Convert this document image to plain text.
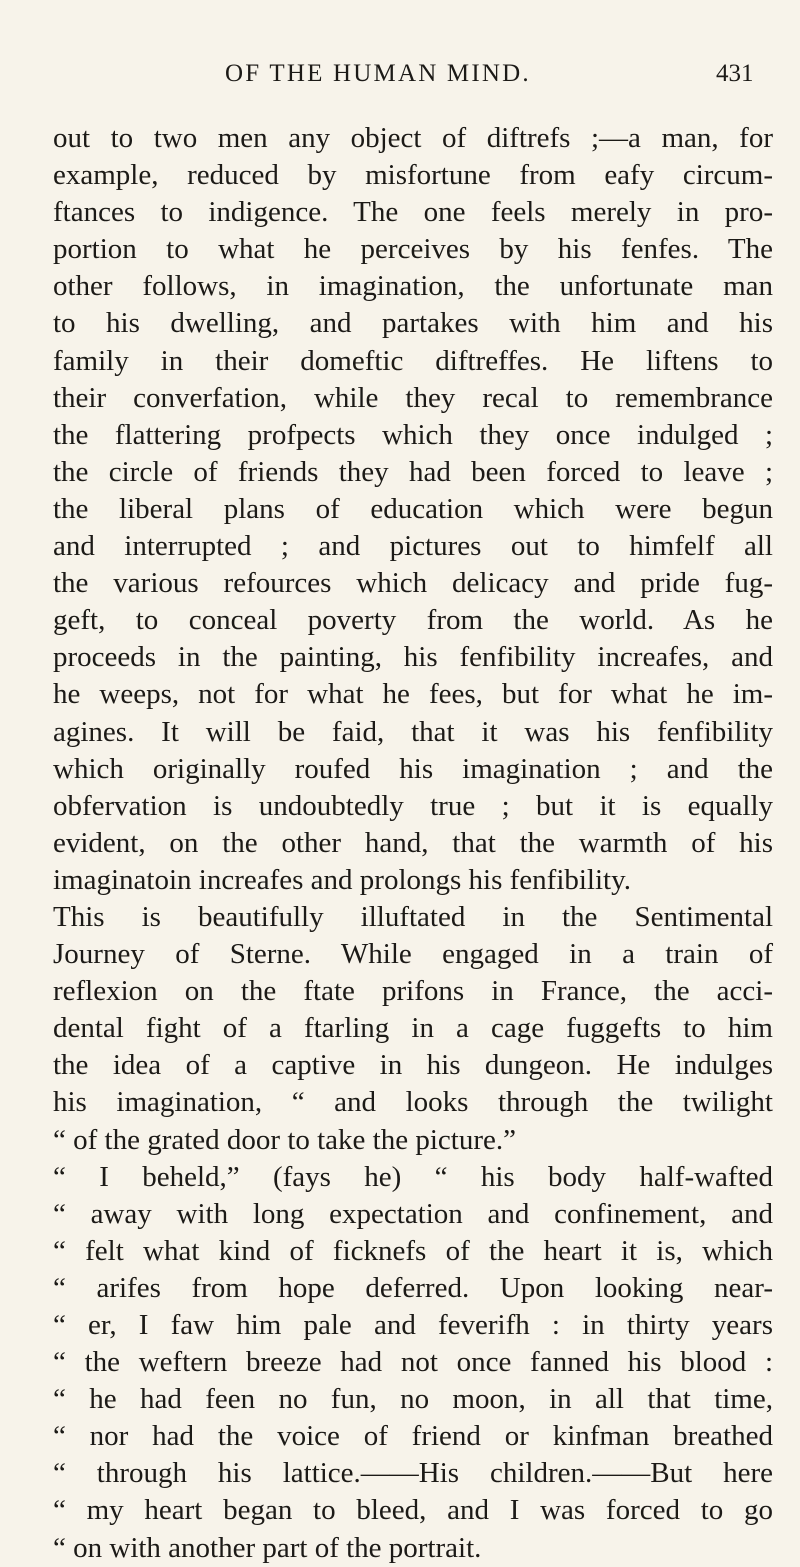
OF THE HUMAN MIND.	431
out to two men any object of diftrefs ;—a man, for
example, reduced by misfortune from eafy circum-
ftances to indigence. The one feels merely in pro-
portion to what he perceives by his fenfes. The
other follows, in imagination, the unfortunate man
to his dwelling, and partakes with him and his
family in their domeftic diftreffes. He liftens to
their converfation, while they recal to remembrance
the flattering profpects which they once indulged ;
the circle of friends they had been forced to leave ;
the liberal plans of education which were begun
and interrupted ; and pictures out to himfelf all
the various refources which delicacy and pride fug-
geft, to conceal poverty from the world. As he
proceeds in the painting, his fenfibility increafes, and
he weeps, not for what he fees, but for what he im-
agines. It will be faid, that it was his fenfibility
which originally roufed his imagination ; and the
obfervation is undoubtedly true ; but it is equally
evident, on the other hand, that the warmth of his
imaginatoin increafes and prolongs his fenfibility.
This is beautifully illuftated in the Sentimental
Journey of Sterne. While engaged in a train of
reflexion on the ftate prifons in France, the acci-
dental fight of a ftarling in a cage fuggefts to him
the idea of a captive in his dungeon. He indulges
his imagination, “ and looks through the twilight
“ of the grated door to take the picture.”
“ I beheld,” (fays he) “ his body half-wafted
“ away with long expectation and confinement, and
“ felt what kind of ficknefs of the heart it is, which
“ arifes from hope deferred. Upon looking near-
“ er, I faw him pale and feverifh : in thirty years
“ the weftern breeze had not once fanned his blood :
“ he had feen no fun, no moon, in all that time,
“ nor had the voice of friend or kinfman breathed
“ through his lattice.——His children.——But here
“ my heart began to bleed, and I was forced to go
“ on with another part of the portrait.
